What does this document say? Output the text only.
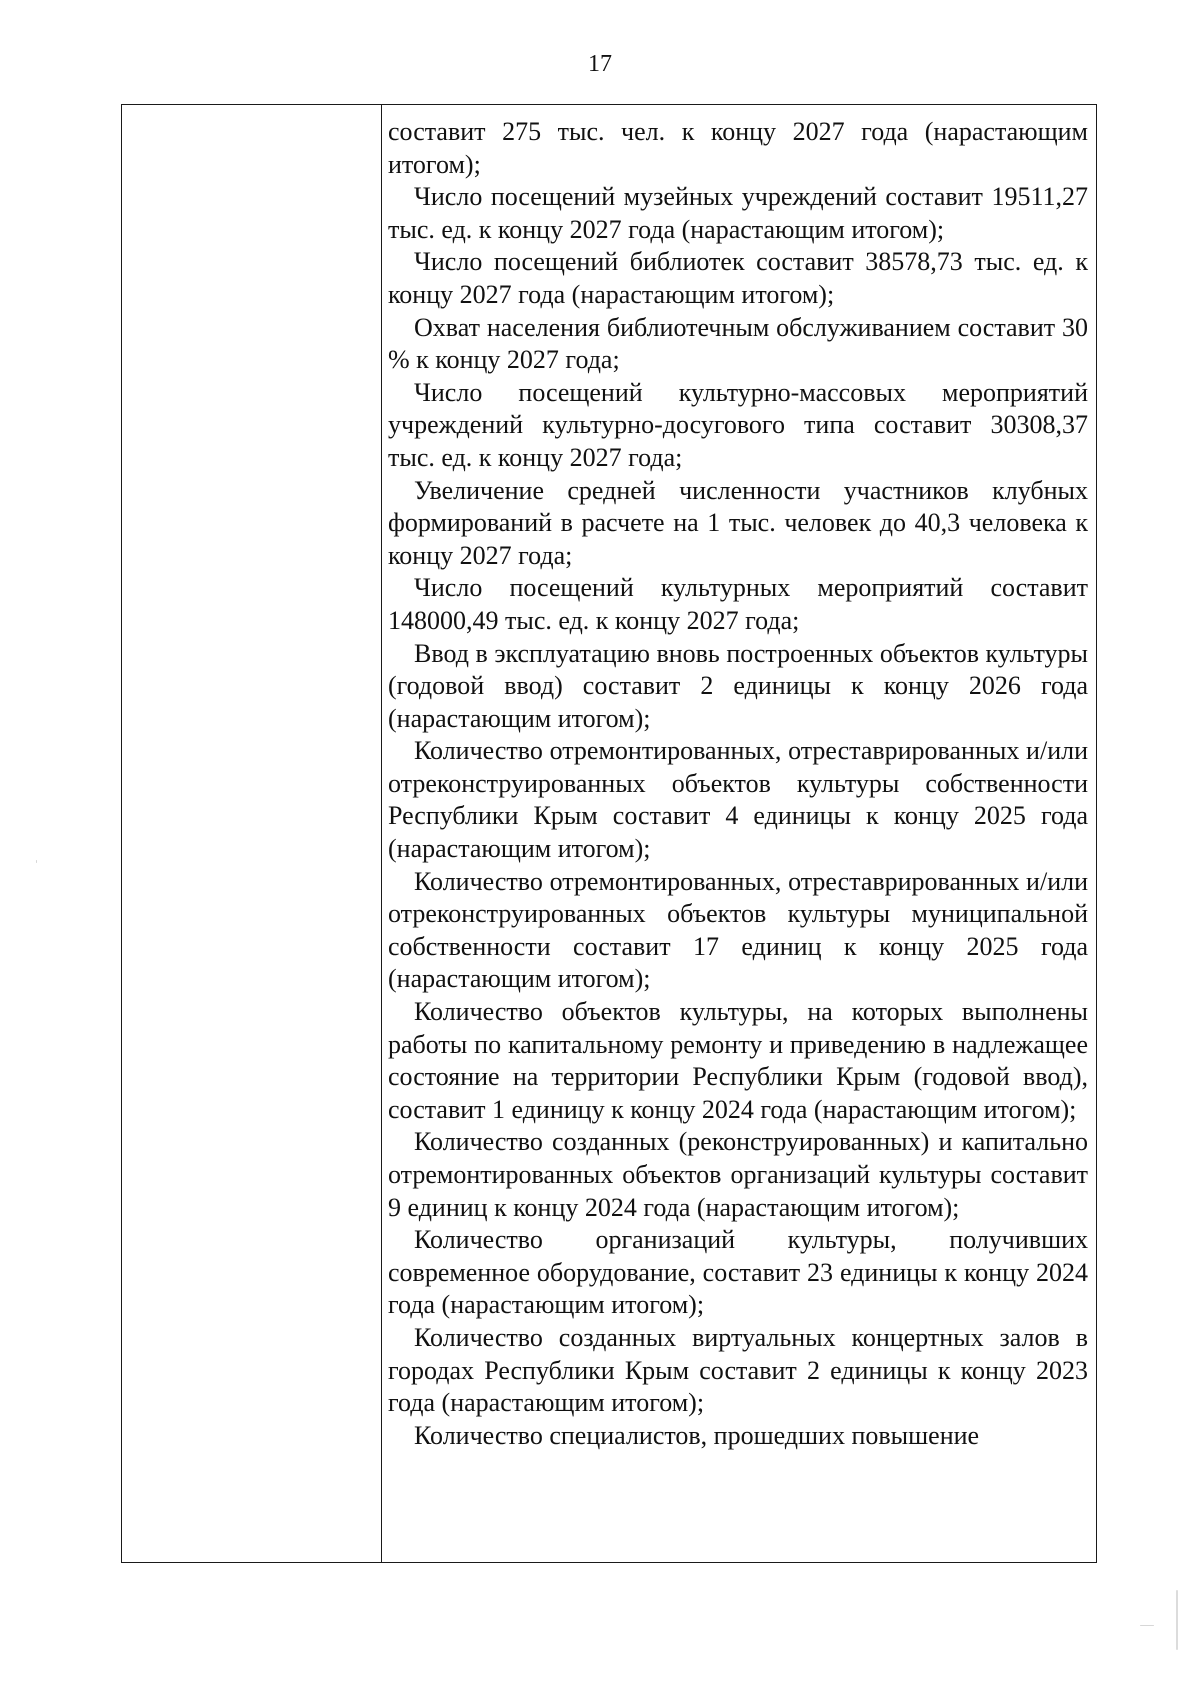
17

составит 275 тыс. чел. к концу 2027 года (нарастающим итогом);

Число посещений музейных учреждений составит 19511,27 тыс. ед. к концу 2027 года (нарастающим итогом);

Число посещений библиотек составит 38578,73 тыс. ед. к концу 2027 года (нарастающим итогом);

Охват населения библиотечным обслуживанием составит 30 % к концу 2027 года;

Число посещений культурно-массовых мероприятий учреждений культурно-досугового типа составит 30308,37 тыс. ед. к концу 2027 года;

Увеличение средней численности участников клубных формирований в расчете на 1 тыс. человек до 40,3 человека к концу 2027 года;

Число посещений культурных мероприятий составит 148000,49 тыс. ед. к концу 2027 года;

Ввод в эксплуатацию вновь построенных объектов культуры (годовой ввод) составит 2 единицы к концу 2026 года (нарастающим итогом);

Количество отремонтированных, отреставрированных и/или отреконструированных объектов культуры собственности Республики Крым составит 4 единицы к концу 2025 года (нарастающим итогом);

Количество отремонтированных, отреставрированных и/или отреконструированных объектов культуры муниципальной собственности составит 17 единиц к концу 2025 года (нарастающим итогом);

Количество объектов культуры, на которых выполнены работы по капитальному ремонту и приведению в надлежащее состояние на территории Республики Крым (годовой ввод), составит 1 единицу к концу 2024 года (нарастающим итогом);

Количество созданных (реконструированных) и капитально отремонтированных объектов организаций культуры составит 9 единиц к концу 2024 года (нарастающим итогом);

Количество организаций культуры, получивших современное оборудование, составит 23 единицы к концу 2024 года (нарастающим итогом);

Количество созданных виртуальных концертных залов в городах Республики Крым составит 2 единицы к концу 2023 года (нарастающим итогом);

Количество специалистов, прошедших повышение
